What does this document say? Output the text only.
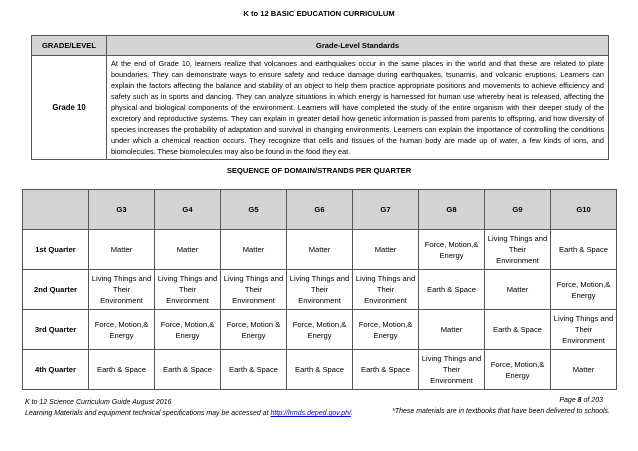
K to 12 BASIC EDUCATION CURRICULUM
GRADE/LEVEL	Grade-Level Standards
Grade 10	At the end of Grade 10, learners realize that volcanoes and earthquakes occur in the same places in the world and that these are related to plate boundaries. They can demonstrate ways to ensure safety and reduce damage during earthquakes, tsunamis, and volcanic eruptions. Learners can explain the factors affecting the balance and stability of an object to help them practice appropriate positions and movements to achieve efficiency and safety such as in sports and dancing. They can analyze situations in which energy is harnessed for human use whereby heat is released, affecting the physical and biological components of the environment. Learners will have completed the study of the entire organism with their deeper study of the excretory and reproductive systems. They can explain in greater detail how genetic information is passed from parents to offspring, and how diversity of species increases the probability of adaptation and survival in changing environments. Learners can explain the importance of controlling the conditions under which a chemical reaction occurs. They recognize that cells and tissues of the human body are made up of water, a few kinds of ions, and biomolecules. These biomolecules may also be found in the food they eat.
SEQUENCE OF DOMAIN/STRANDS PER QUARTER
	G3	G4	G5	G6	G7	G8	G9	G10
1st Quarter	Matter	Matter	Matter	Matter	Matter	Force, Motion,& Energy	Living Things and Their Environment	Earth & Space
2nd Quarter	Living Things and Their Environment	Living Things and Their Environment	Living Things and Their Environment	Living Things and Their Environment	Living Things and Their Environment	Earth & Space	Matter	Force, Motion,& Energy
3rd Quarter	Force, Motion,& Energy	Force, Motion,& Energy	Force, Motion & Energy	Force, Motion,& Energy	Force, Motion,& Energy	Matter	Earth & Space	Living Things and Their Environment
4th Quarter	Earth & Space	Earth & Space	Earth & Space	Earth & Space	Earth & Space	Living Things and Their Environment	Force, Motion,& Energy	Matter
K to 12 Science Curriculum Guide August 2016
Learning Materials and equipment technical specifications may be accessed at http://lrmds.deped.gov.ph/.
Page 8 of 203
*These materials are in textbooks that have been delivered to schools.
